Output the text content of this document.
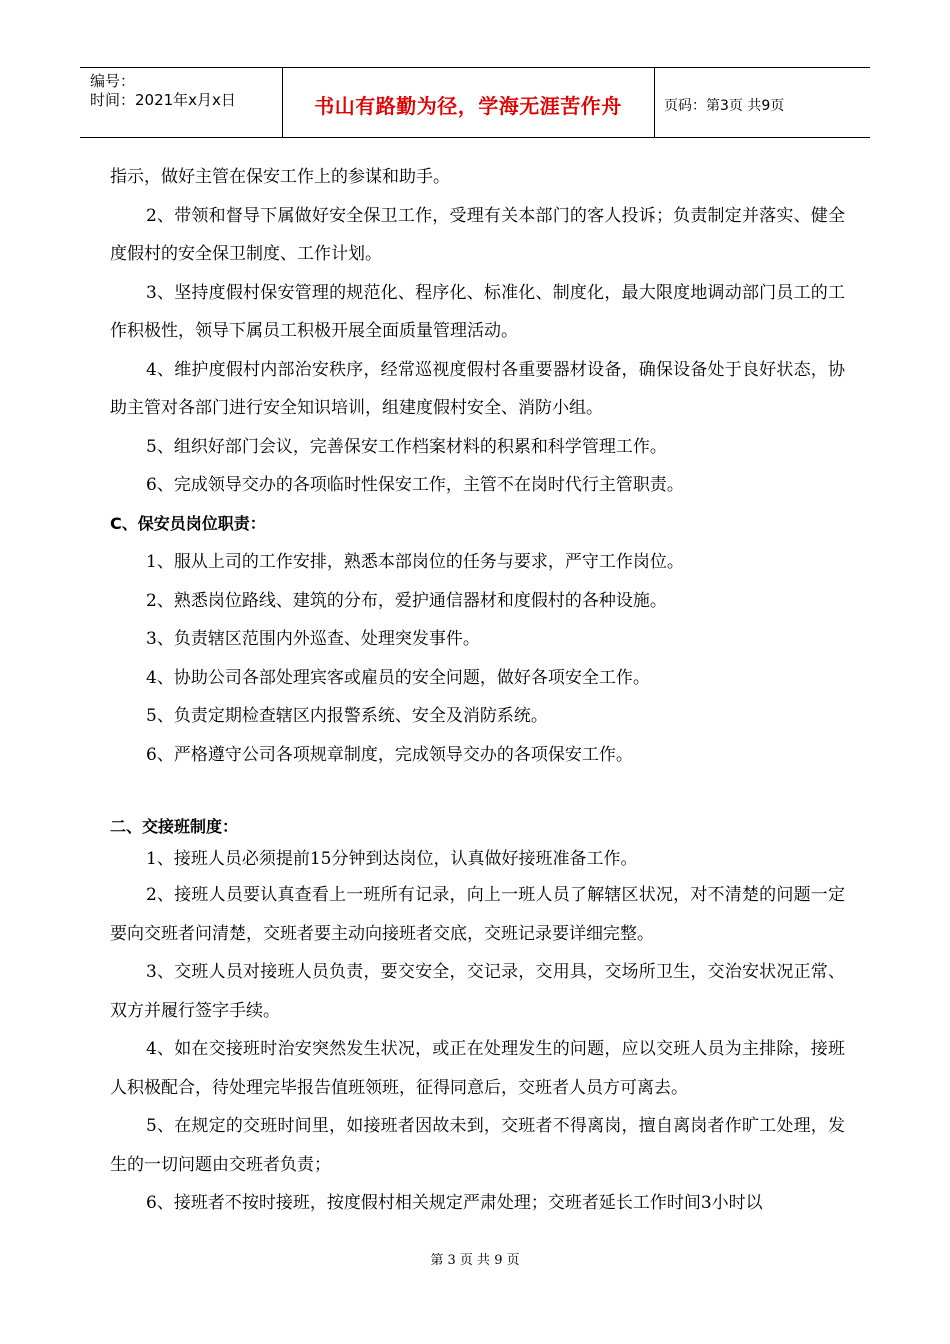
编号：
时间：2021年x月x日	书山有路勤为径，学海无涯苦作舟	页码：第3页 共9页

指示，做好主管在保安工作上的参谋和助手。

2、带领和督导下属做好安全保卫工作，受理有关本部门的客人投诉；负责制定并落实、健全度假村的安全保卫制度、工作计划。

3、坚持度假村保安管理的规范化、程序化、标准化、制度化，最大限度地调动部门员工的工作积极性，领导下属员工积极开展全面质量管理活动。

4、维护度假村内部治安秩序，经常巡视度假村各重要器材设备，确保设备处于良好状态，协助主管对各部门进行安全知识培训，组建度假村安全、消防小组。

5、组织好部门会议，完善保安工作档案材料的积累和科学管理工作。

6、完成领导交办的各项临时性保安工作，主管不在岗时代行主管职责。

C、保安员岗位职责：

1、服从上司的工作安排，熟悉本部岗位的任务与要求，严守工作岗位。

2、熟悉岗位路线、建筑的分布，爱护通信器材和度假村的各种设施。

3、负责辖区范围内外巡查、处理突发事件。

4、协助公司各部处理宾客或雇员的安全问题，做好各项安全工作。

5、负责定期检查辖区内报警系统、安全及消防系统。

6、严格遵守公司各项规章制度，完成领导交办的各项保安工作。

二、交接班制度：

1、接班人员必须提前15分钟到达岗位，认真做好接班准备工作。

2、接班人员要认真查看上一班所有记录，向上一班人员了解辖区状况，对不清楚的问题一定要向交班者问清楚，交班者要主动向接班者交底，交班记录要详细完整。

3、交班人员对接班人员负责，要交安全，交记录，交用具，交场所卫生，交治安状况正常、双方并履行签字手续。

4、如在交接班时治安突然发生状况，或正在处理发生的问题，应以交班人员为主排除，接班人积极配合，待处理完毕报告值班领班，征得同意后，交班者人员方可离去。

5、在规定的交班时间里，如接班者因故未到，交班者不得离岗，擅自离岗者作旷工处理，发生的一切问题由交班者负责；

6、接班者不按时接班，按度假村相关规定严肃处理；交班者延长工作时间3小时以

第 3 页 共 9 页
